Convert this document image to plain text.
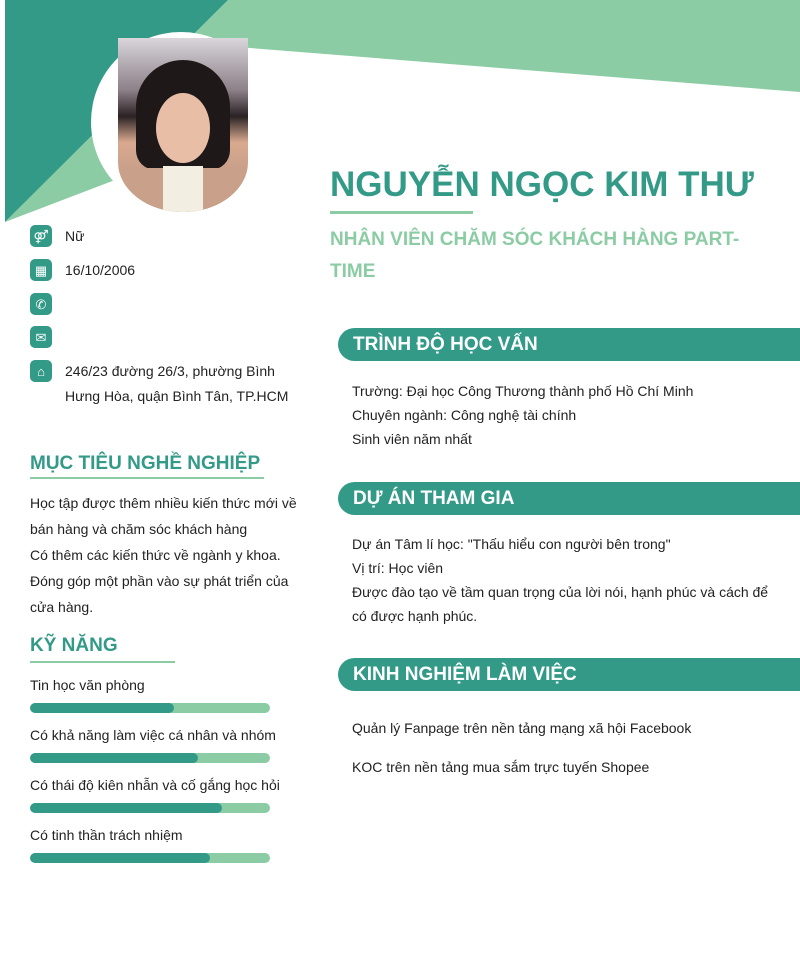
NGUYỄN NGỌC KIM THƯ
NHÂN VIÊN CHĂM SÓC KHÁCH HÀNG PART-TIME
⚤ Nữ
▦	16/10/2006
✆
✉
⌂	246/23 đường 26/3, phường Bình Hưng Hòa, quận Bình Tân, TP.HCM
MỤC TIÊU NGHỀ NGHIỆP
Học tập được thêm nhiều kiến thức mới về bán hàng và chăm sóc khách hàng
Có thêm các kiến thức về ngành y khoa.
Đóng góp một phần vào sự phát triển của cửa hàng.
KỸ NĂNG
Tin học văn phòng
Có khả năng làm việc cá nhân và nhóm
Có thái độ kiên nhẫn và cố gắng học hỏi
Có tinh thần trách nhiệm
TRÌNH ĐỘ HỌC VẤN
Trường: Đại học Công Thương thành phố Hồ Chí Minh
Chuyên ngành: Công nghệ tài chính
Sinh viên năm nhất
DỰ ÁN THAM GIA
Dự án Tâm lí học: "Thấu hiểu con người bên trong"
Vị trí: Học viên
Được đào tạo về tầm quan trọng của lời nói, hạnh phúc và cách để có được hạnh phúc.
KINH NGHIỆM LÀM VIỆC
Quản lý Fanpage trên nền tảng mạng xã hội Facebook
KOC trên nền tảng mua sắm trực tuyến Shopee
